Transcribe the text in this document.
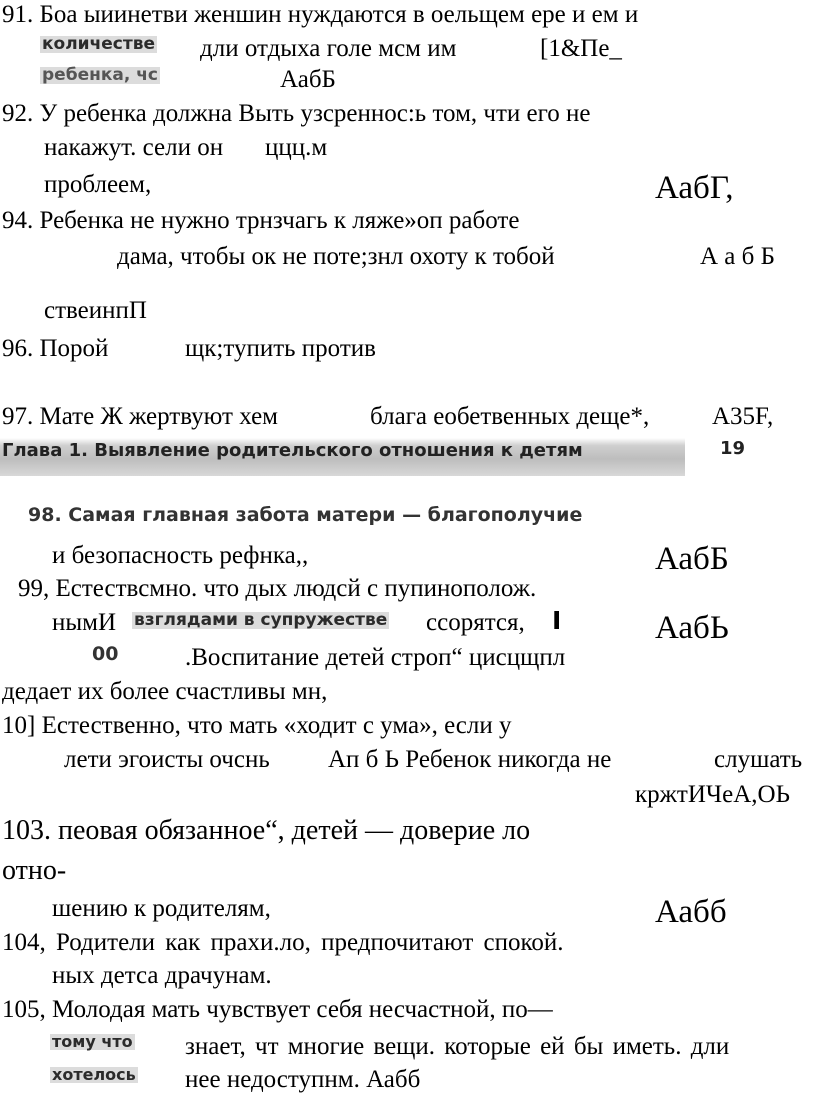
91. Боа ыиинетви женшин нуждаются в оельщем ере и ем и
количестве дли отдыха голе мсм им	[1&Пе_
ребенка, чс	АабБ
92. У ребенка должна Выть узсренноc:ь том, чти его не
накажут. сели он ццц.м
проблеем,	АабГ,
94. Ребенка не нужно трнзчагь к ляже»оп работе
дама, чтобы ок не поте;знл охоту к тобой	А а б Б
ствеинпП
96. Порой	щк;тупить против
97. Мате Ж жертвуют хем	блага еобетвенных деще*,	А35F,
Глава 1. Выявление родительского отношения к детям	19
98. Самая главная забота матери — благополучие
и безопасность рефнка,,	АабБ
99, Естествсмно. что дых людсй с пупинополож.
нымИ взглядами в супружестве ссорятся, I	АабЬ
00	.Воспитание детей строп“ цисцщпл
дедает их более счастливы мн,
10] Естественно, что мать «ходит с ума», если у
лети эгоисты очснь Ап б Ь Ребенок никогда не	слушать
кржтИЧеА,ОЬ
103. пеовая обязанное“, детей — доверие ло
отно-
шению к родителям,	Аабб
104, Родители как прахи.ло, предпочитают спокой.
ных детса драчунам.
105, Молодая мать чувствует себя несчастной, по—
тому что знает, чт многие вещи. которые ей бы иметь. дли
хотелось нее недоступнм. Аабб
